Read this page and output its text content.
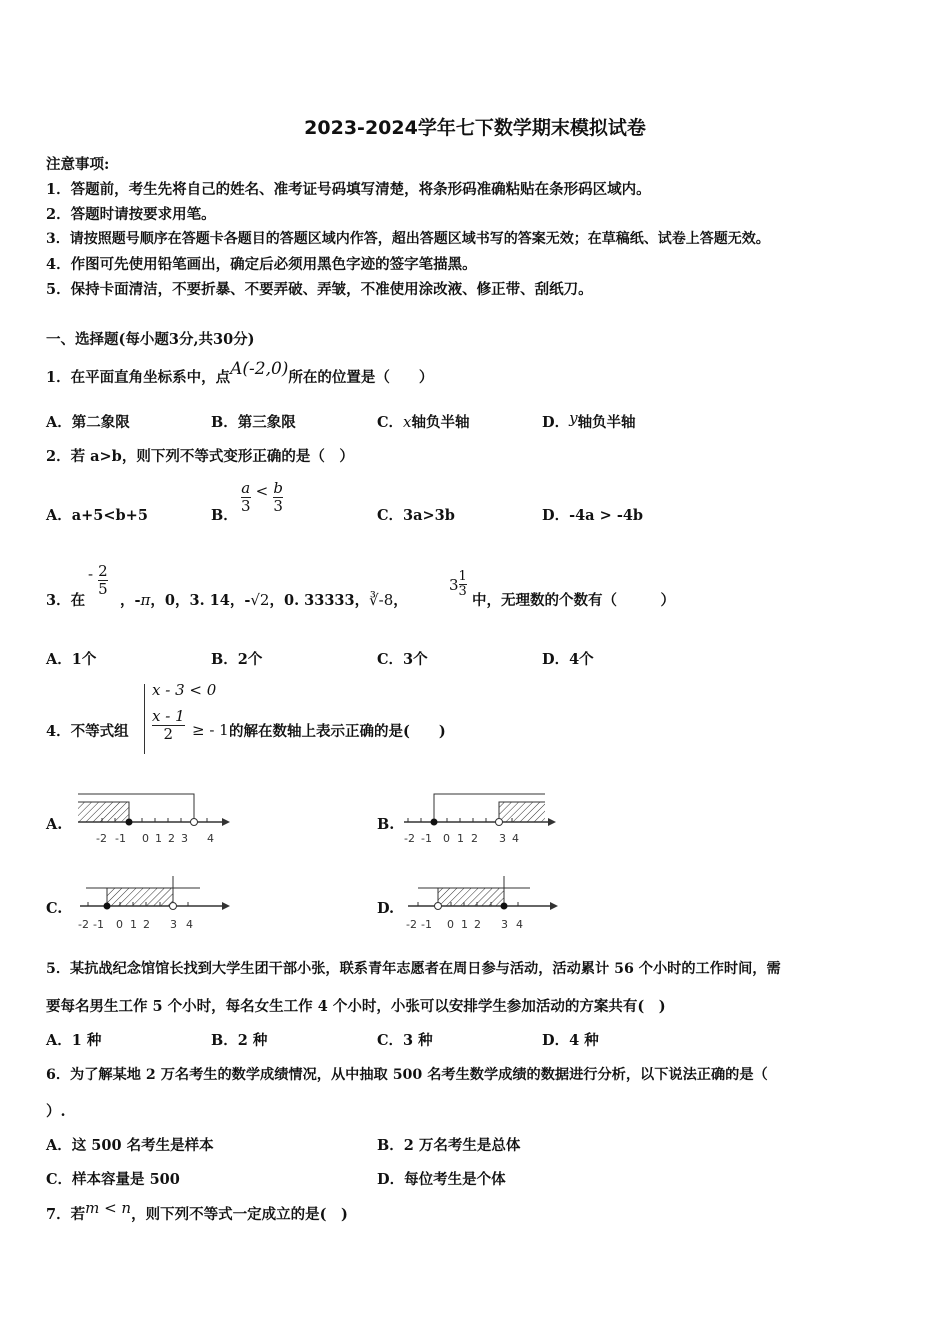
2023-2024学年七下数学期末模拟试卷
注意事项:
1．答题前，考生先将自己的姓名、准考证号码填写清楚，将条形码准确粘贴在条形码区域内。
2．答题时请按要求用笔。
3．请按照题号顺序在答题卡各题目的答题区域内作答，超出答题区域书写的答案无效；在草稿纸、试卷上答题无效。
4．作图可先使用铅笔画出，确定后必须用黑色字迹的签字笔描黑。
5．保持卡面清洁，不要折暴、不要弄破、弄皱，不准使用涂改液、修正带、刮纸刀。
一、选择题(每小题3分,共30分)
1．在平面直角坐标系中，点A(-2,0)所在的位置是（　　）
A．第二象限	B．第三象限	C．x轴负半轴	D．y轴负半轴
2．若 a>b，则下列不等式变形正确的是（　）
A．a+5<b+5	B．
$\frac{a}{3} < \frac{b}{3}$
C．3a>3b	D．-4a > -4b
3．在
- $\frac{2}{5}$
，-π，0，3. 14，-√2，0. 33333，∛-8，
$3 \frac{1}{3}$
中，无理数的个数有（　　　）
A．1个	B．2个	C．3个	D．4个
4．不等式组
x - 3 < 0
x - 1
2 ≥ - 1 的解在数轴上表示正确的是(　　)
A.	B.
C.	D.
-2 -1 0 1 2 3 4	-2 -1 0 1 2 3 4
-2 -1 0 1 2 3 4	-2 -1 0 1 2 3 4
5．某抗战纪念馆馆长找到大学生团干部小张，联系青年志愿者在周日参与活动，活动累计 56 个小时的工作时间，需
要每名男生工作 5 个小时，每名女生工作 4 个小时，小张可以安排学生参加活动的方案共有(　)
A．1 种	B．2 种	C．3 种	D．4 种
6．为了解某地 2 万名考生的数学成绩情况，从中抽取 500 名考生数学成绩的数据进行分析，以下说法正确的是（
）.
A．这 500 名考生是样本	B．2 万名考生是总体
C．样本容量是 500	D．每位考生是个体
7．若m < n，则下列不等式一定成立的是(　)
